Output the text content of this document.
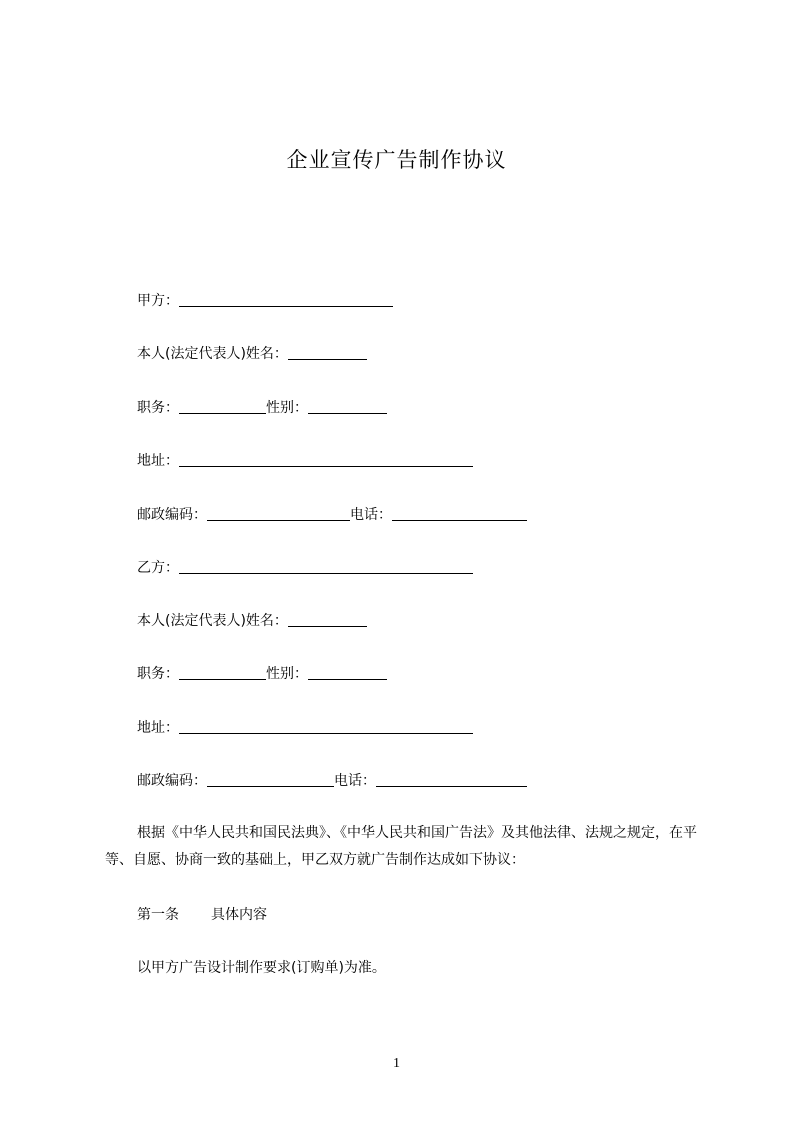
企业宣传广告制作协议
甲方：
本人(法定代表人)姓名：
职务：	性别：
地址：
邮政编码：	电话：
乙方：
本人(法定代表人)姓名：
职务：	性别：
地址：
邮政编码：	电话：
根据《中华人民共和国民法典》、《中华人民共和国广告法》及其他法律、法规之规定，在平等、自愿、协商一致的基础上，甲乙双方就广告制作达成如下协议：
第一条 具体内容
以甲方广告设计制作要求(订购单)为准。
1
